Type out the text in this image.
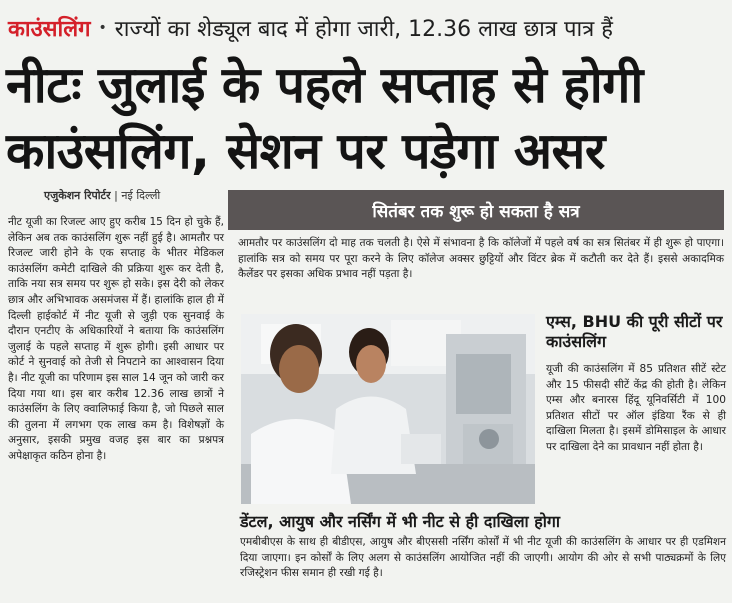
काउंसलिंग • राज्यों का शेड्यूल बाद में होगा जारी, 12.36 लाख छात्र पात्र हैं
नीटः जुलाई के पहले सप्ताह से होगी
काउंसलिंग, सेशन पर पड़ेगा असर
एजुकेशन रिपोर्टर | नई दिल्ली
नीट यूजी का रिजल्ट आए हुए करीब 15 दिन हो चुके हैं, लेकिन अब तक काउंसलिंग शुरू नहीं हुई है। आमतौर पर रिजल्ट जारी होने के एक सप्ताह के भीतर मेडिकल काउंसलिंग कमेटी दाखिले की प्रक्रिया शुरू कर देती है, ताकि नया सत्र समय पर शुरू हो सके। इस देरी को लेकर छात्र और अभिभावक असमंजस में हैं। हालांकि हाल ही में दिल्ली हाईकोर्ट में नीट यूजी से जुड़ी एक सुनवाई के दौरान एनटीए के अधिकारियों ने बताया कि काउंसलिंग जुलाई के पहले सप्ताह में शुरू होगी। इसी आधार पर कोर्ट ने सुनवाई को तेजी से निपटाने का आश्वासन दिया है। नीट यूजी का परिणाम इस साल 14 जून को जारी कर दिया गया था। इस बार करीब 12.36 लाख छात्रों ने काउंसलिंग के लिए क्वालिफाई किया है, जो पिछले साल की तुलना में लगभग एक लाख कम है। विशेषज्ञों के अनुसार, इसकी प्रमुख वजह इस बार का प्रश्नपत्र अपेक्षाकृत कठिन होना है।
सितंबर तक शुरू हो सकता है सत्र
आमतौर पर काउंसलिंग दो माह तक चलती है। ऐसे में संभावना है कि कॉलेजों में पहले वर्ष का सत्र सितंबर में ही शुरू हो पाएगा। हालांकि सत्र को समय पर पूरा करने के लिए कॉलेज अक्सर छुट्टियों और विंटर ब्रेक में कटौती कर देते हैं। इससे अकादमिक कैलेंडर पर इसका अधिक प्रभाव नहीं पड़ता है।
एम्स, BHU की पूरी सीटों पर काउंसलिंग
यूजी की काउंसलिंग में 85 प्रतिशत सीटें स्टेट और 15 फीसदी सीटें केंद्र की होती है। लेकिन एम्स और बनारस हिंदू यूनिवर्सिटी में 100 प्रतिशत सीटों पर ऑल इंडिया रैंक से ही दाखिला मिलता है। इसमें डोमिसाइल के आधार पर दाखिला देने का प्रावधान नहीं होता है।
डेंटल, आयुष और नर्सिंग में भी नीट से ही दाखिला होगा
एमबीबीएस के साथ ही बीडीएस, आयुष और बीएससी नर्सिंग कोर्सों में भी नीट यूजी की काउंसलिंग के आधार पर ही एडमिशन दिया जाएगा। इन कोर्सों के लिए अलग से काउंसलिंग आयोजित नहीं की जाएगी। आयोग की ओर से सभी पाठ्यक्रमों के लिए रजिस्ट्रेशन फीस समान ही रखी गई है।
